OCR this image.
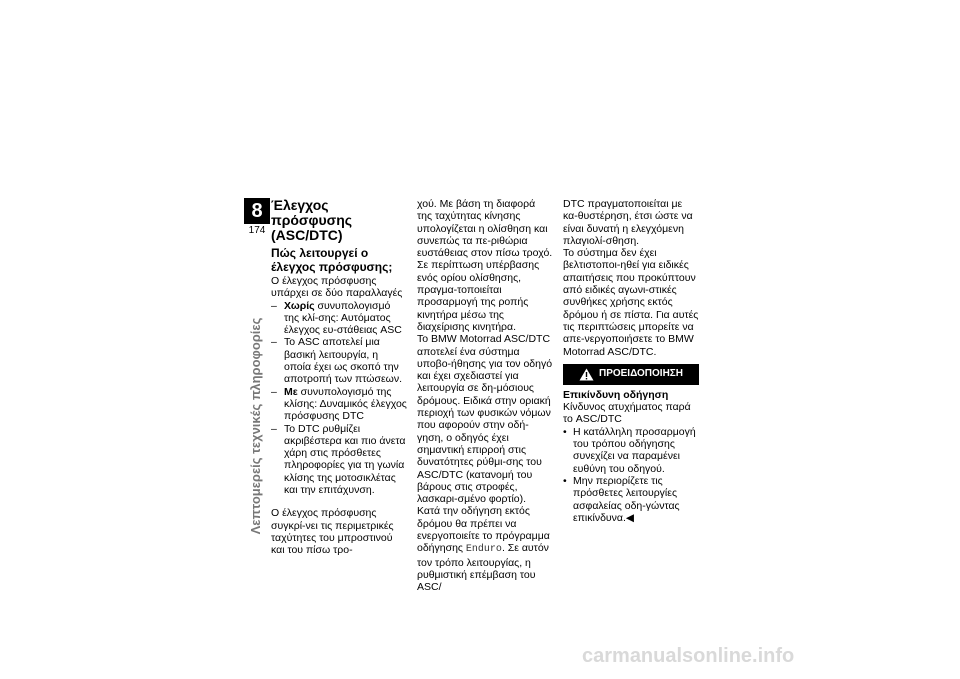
8
174
Λεπτομερείς τεχνικές πληροφορίες
Έλεγχος πρόσφυσης (ASC/DTC)
Πώς λειτουργεί ο έλεγχος πρόσφυσης;

Ο έλεγχος πρόσφυσης υπάρχει σε δύο παραλλαγές

– Χωρίς συνυπολογισμό της κλί-σης: Αυτόματος έλεγχος ευ-στάθειας ASC

– Το ASC αποτελεί μια βασική λειτουργία, η οποία έχει ως σκοπό την αποτροπή των πτώσεων.

– Με συνυπολογισμό της κλίσης: Δυναμικός έλεγχος πρόσφυσης DTC

– Το DTC ρυθμίζει ακριβέστερα και πιο άνετα χάρη στις πρόσθετες πληροφορίες για τη γωνία κλίσης της μοτοσικλέτας και την επιτάχυνση.

Ο έλεγχος πρόσφυσης συγκρί-νει τις περιμετρικές ταχύτητες του μπροστινού και του πίσω τρο-

χού. Με βάση τη διαφορά της ταχύτητας κίνησης υπολογίζεται η ολίσθηση και συνεπώς τα πε-ριθώρια ευστάθειας στον πίσω τροχό. Σε περίπτωση υπέρβασης ενός ορίου ολίσθησης, πραγμα-τοποιείται προσαρμογή της ροπής κινητήρα μέσω της διαχείρισης κινητήρα.

Το BMW Motorrad ASC/DTC αποτελεί ένα σύστημα υποβο-ήθησης για τον οδηγό και έχει σχεδιαστεί για λειτουργία σε δη-μόσιους δρόμους. Ειδικά στην οριακή περιοχή των φυσικών νόμων που αφορούν στην οδή-γηση, ο οδηγός έχει σημαντική επιρροή στις δυνατότητες ρύθμι-σης του ASC/DTC (κατανομή του βάρους στις στροφές, λασκαρι-σμένο φορτίο).

Κατά την οδήγηση εκτός δρόμου θα πρέπει να ενεργοποιείτε το πρόγραμμα οδήγησης Enduro. Σε αυτόν τον τρόπο λειτουργίας, η ρυθμιστική επέμβαση του ASC/

DTC πραγματοποιείται με κα-θυστέρηση, έτσι ώστε να είναι δυνατή η ελεγχόμενη πλαγιολί-σθηση.

Το σύστημα δεν έχει βελτιστοποι-ηθεί για ειδικές απαιτήσεις που προκύπτουν από ειδικές αγωνι-στικές συνθήκες χρήσης εκτός δρόμου ή σε πίστα. Για αυτές τις περιπτώσεις μπορείτε να απε-νεργοποιήσετε το BMW Motorrad ASC/DTC.

ΠΡΟΕΙΔΟΠΟΙΗΣΗ

Επικίνδυνη οδήγηση

Κίνδυνος ατυχήματος παρά το ASC/DTC

• Η κατάλληλη προσαρμογή του τρόπου οδήγησης συνεχίζει να παραμένει ευθύνη του οδηγού.

• Μην περιορίζετε τις πρόσθετες λειτουργίες ασφαλείας οδη-γώντας επικίνδυνα.◀

carmanualsonline.info
